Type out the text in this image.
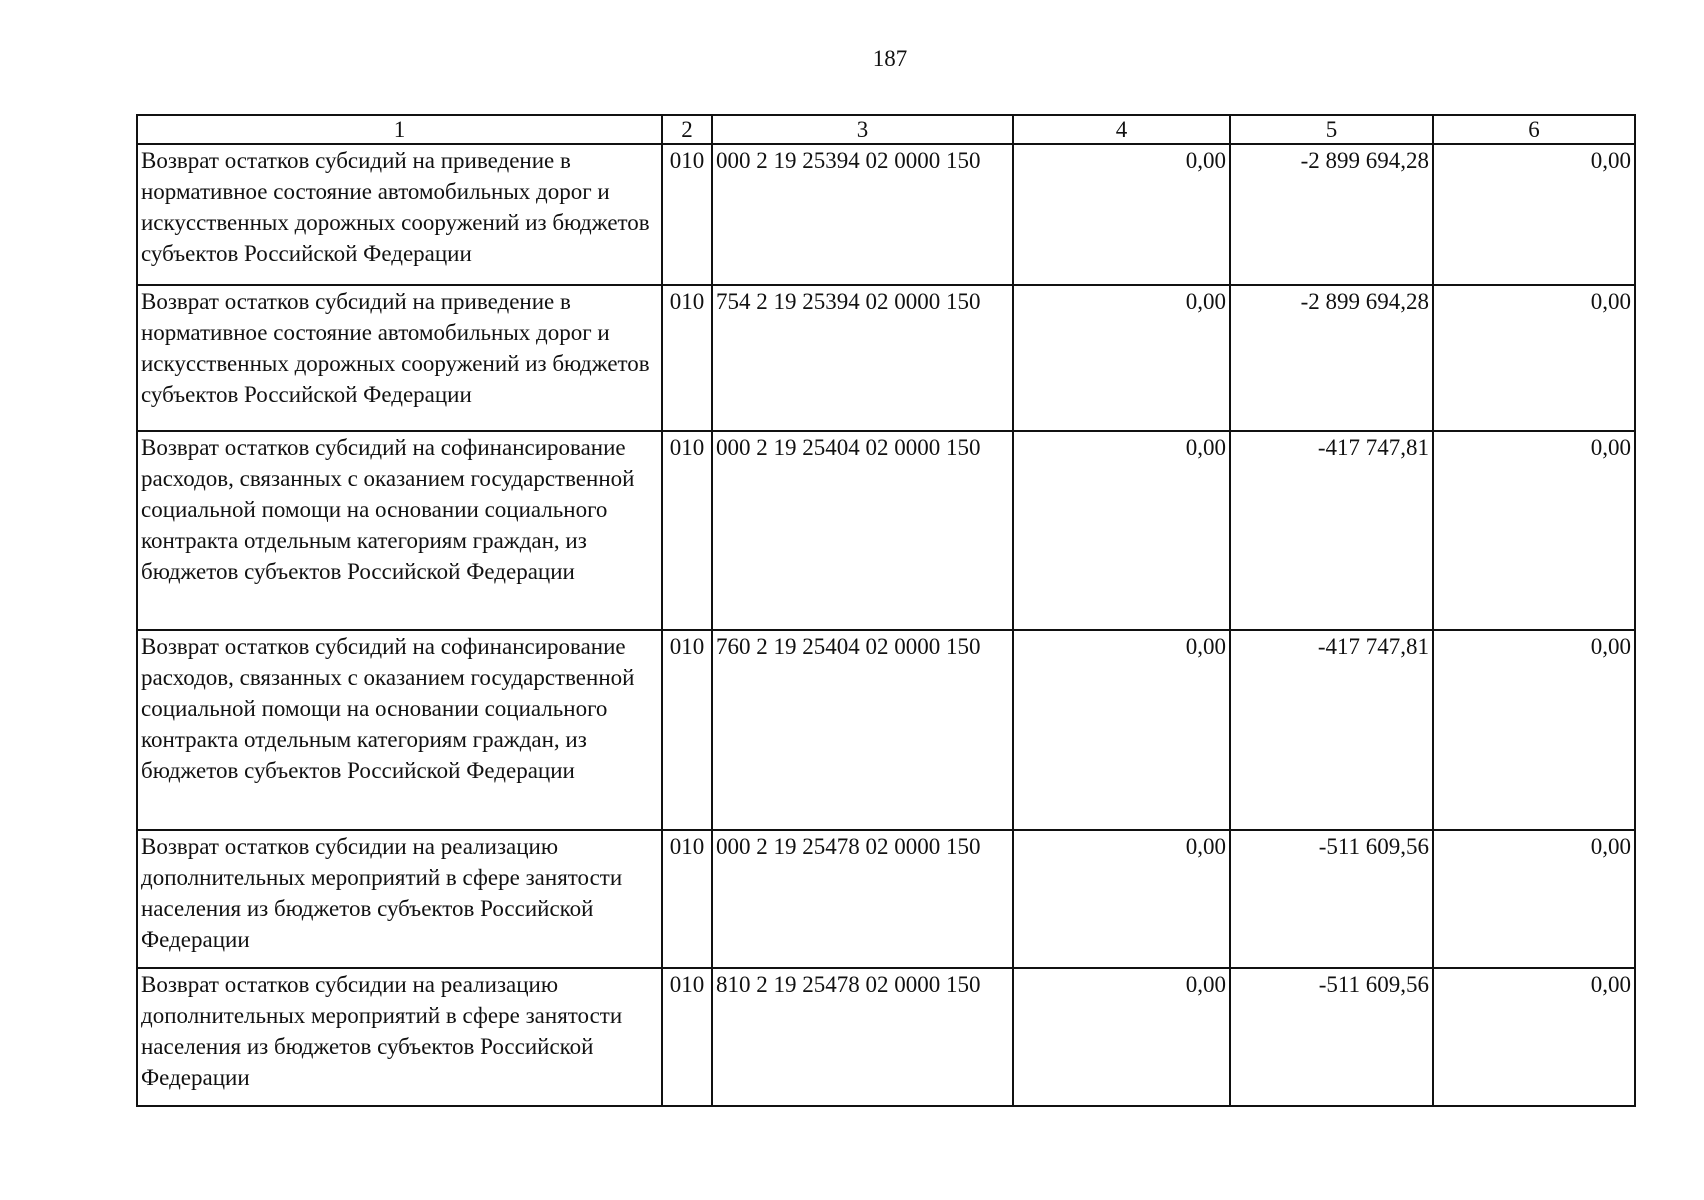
187
1	2	3	4	5	6
Возврат остатков субсидий на приведение в нормативное состояние автомобильных дорог и искусственных дорожных сооружений из бюджетов субъектов Российской Федерации	010	000 2 19 25394 02 0000 150	0,00	-2 899 694,28	0,00
Возврат остатков субсидий на приведение в нормативное состояние автомобильных дорог и искусственных дорожных сооружений из бюджетов субъектов Российской Федерации	010	754 2 19 25394 02 0000 150	0,00	-2 899 694,28	0,00
Возврат остатков субсидий на софинансирование расходов, связанных с оказанием государственной социальной помощи на основании социального контракта отдельным категориям граждан, из бюджетов субъектов Российской Федерации	010	000 2 19 25404 02 0000 150	0,00	-417 747,81	0,00
Возврат остатков субсидий на софинансирование расходов, связанных с оказанием государственной социальной помощи на основании социального контракта отдельным категориям граждан, из бюджетов субъектов Российской Федерации	010	760 2 19 25404 02 0000 150	0,00	-417 747,81	0,00
Возврат остатков субсидии на реализацию дополнительных мероприятий в сфере занятости населения из бюджетов субъектов Российской Федерации	010	000 2 19 25478 02 0000 150	0,00	-511 609,56	0,00
Возврат остатков субсидии на реализацию дополнительных мероприятий в сфере занятости населения из бюджетов субъектов Российской Федерации	010	810 2 19 25478 02 0000 150	0,00	-511 609,56	0,00
